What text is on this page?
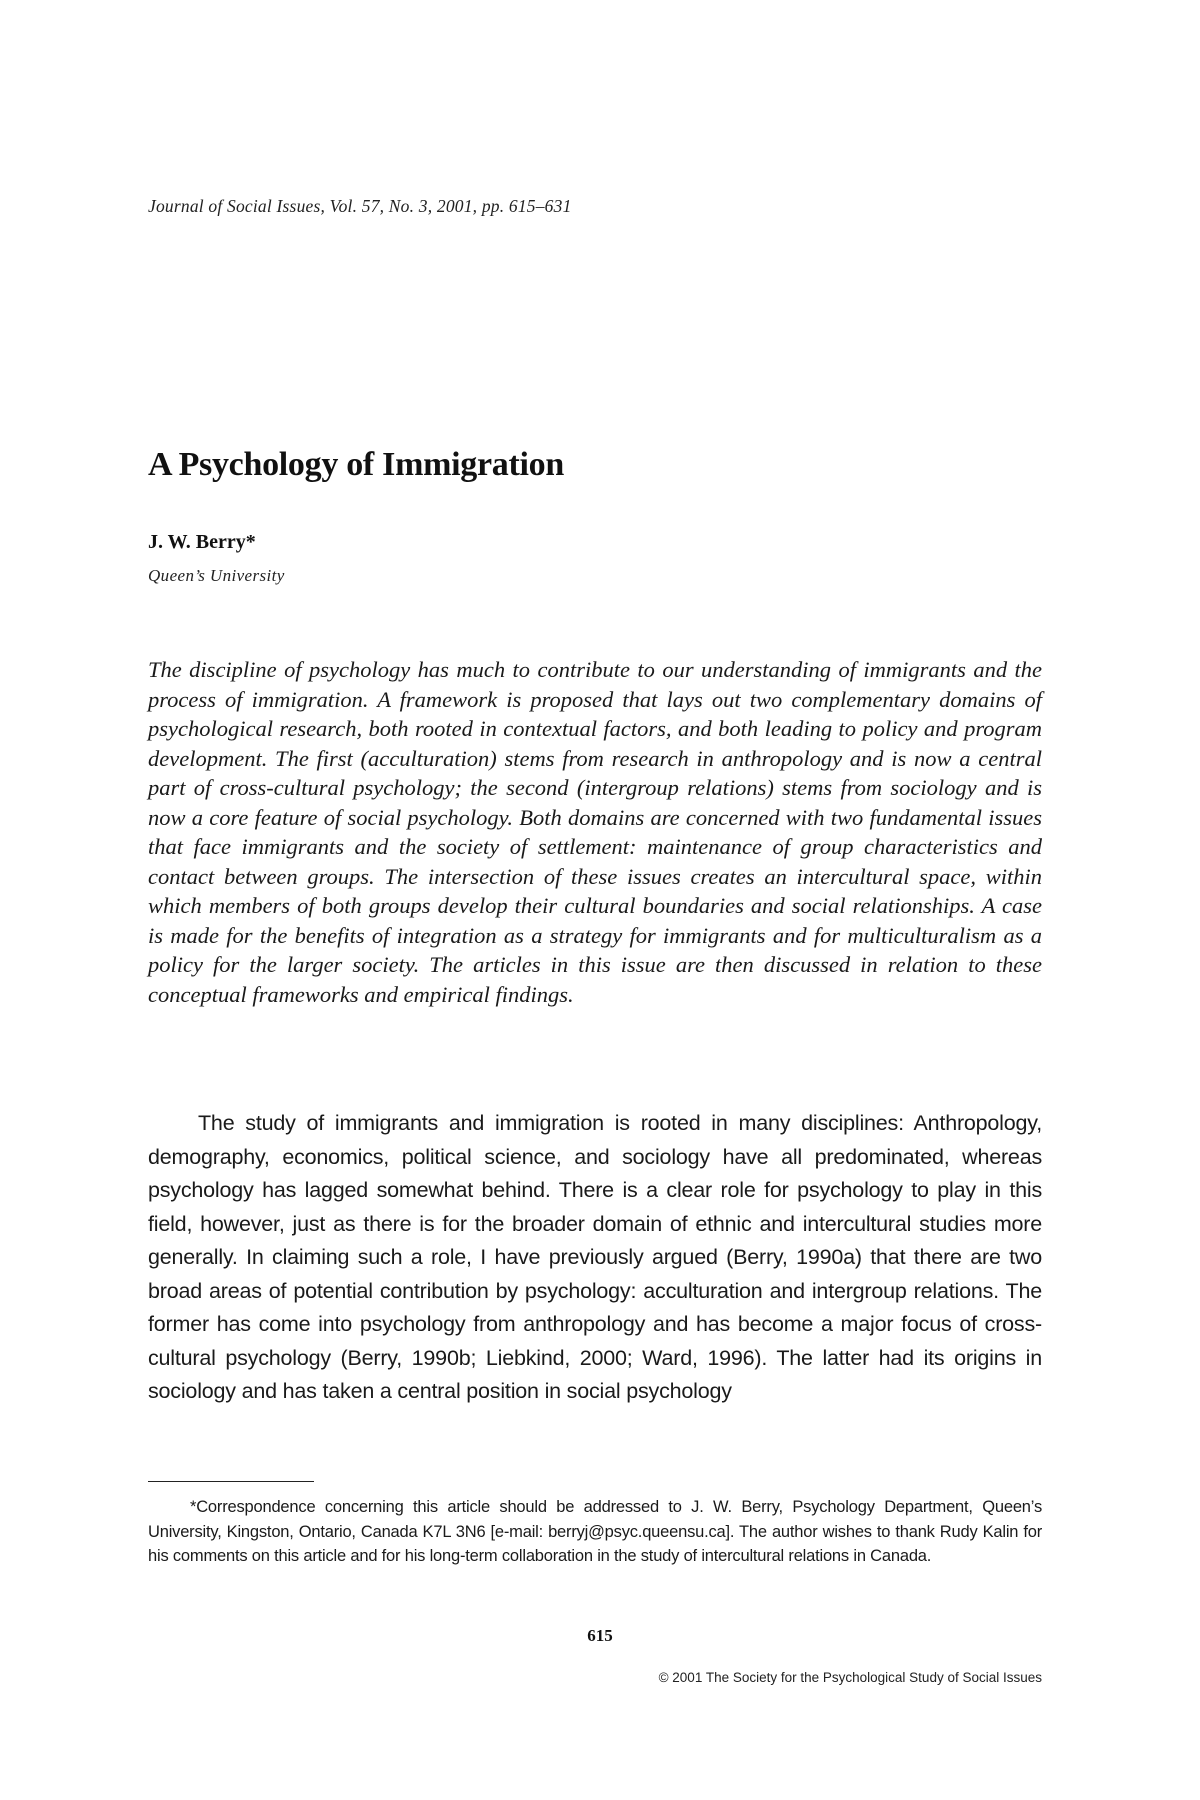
Journal of Social Issues, Vol. 57, No. 3, 2001, pp. 615–631
A Psychology of Immigration
J. W. Berry*
Queen’s University

The discipline of psychology has much to contribute to our understanding of immigrants and the process of immigration. A framework is proposed that lays out two complementary domains of psychological research, both rooted in contextual factors, and both leading to policy and program development. The first (acculturation) stems from research in anthropology and is now a central part of cross-cultural psychology; the second (intergroup relations) stems from sociology and is now a core feature of social psychology. Both domains are concerned with two fundamental issues that face immigrants and the society of settlement: maintenance of group characteristics and contact between groups. The intersection of these issues creates an intercultural space, within which members of both groups develop their cultural boundaries and social relationships. A case is made for the benefits of integration as a strategy for immigrants and for multiculturalism as a policy for the larger society. The articles in this issue are then discussed in relation to these conceptual frameworks and empirical findings.

The study of immigrants and immigration is rooted in many disciplines: Anthropology, demography, economics, political science, and sociology have all predominated, whereas psychology has lagged somewhat behind. There is a clear role for psychology to play in this field, however, just as there is for the broader domain of ethnic and intercultural studies more generally. In claiming such a role, I have previously argued (Berry, 1990a) that there are two broad areas of potential contribution by psychology: acculturation and intergroup relations. The former has come into psychology from anthropology and has become a major focus of cross-cultural psychology (Berry, 1990b; Liebkind, 2000; Ward, 1996). The latter had its origins in sociology and has taken a central position in social psychology

*Correspondence concerning this article should be addressed to J. W. Berry, Psychology Department, Queen’s University, Kingston, Ontario, Canada K7L 3N6 [e-mail: berryj@psyc.queensu.ca]. The author wishes to thank Rudy Kalin for his comments on this article and for his long-term collaboration in the study of intercultural relations in Canada.

615
© 2001 The Society for the Psychological Study of Social Issues
